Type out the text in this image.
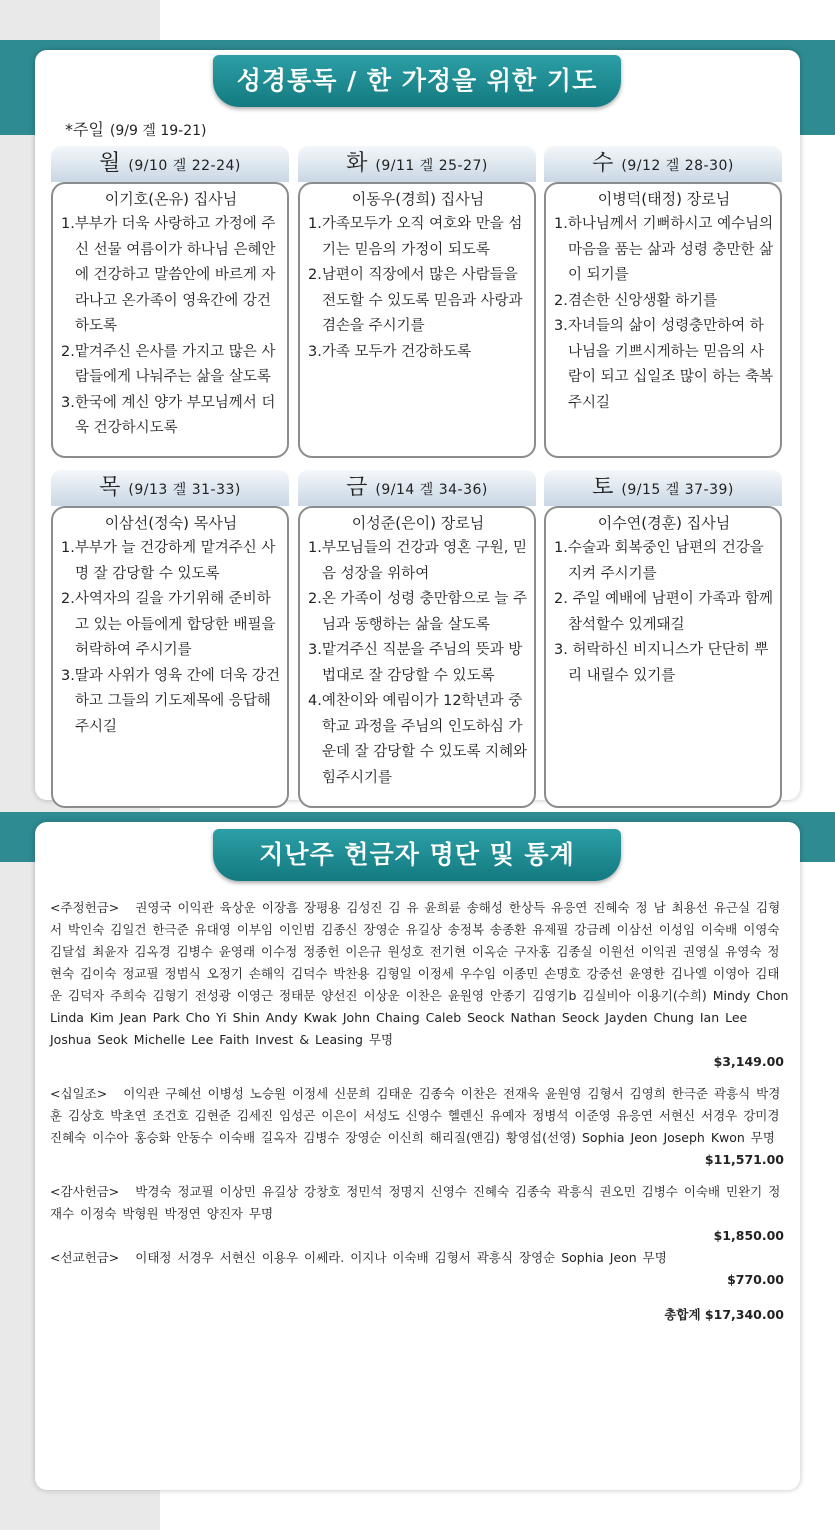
성경통독 / 한 가정을 위한 기도
*주일 (9/9 겔 19-21)
월 (9/10 겔 22-24)
이기호(온유) 집사님
1.부부가 더욱 사랑하고 가정에 주신 선물 여름이가 하나님 은혜안에 건강하고 말씀안에 바르게 자라나고 온가족이 영육간에 강건 하도록
2.맡겨주신 은사를 가지고 많은 사람들에게 나눠주는 삶을 살도록
3.한국에 계신 양가 부모님께서 더욱 건강하시도록
화 (9/11 겔 25-27)
이동우(경희) 집사님
1.가족모두가 오직 여호와 만을 섬기는 믿음의 가정이 되도록
2.남편이 직장에서 많은 사람들을 전도할 수 있도록 믿음과 사랑과 겸손을 주시기를
3.가족 모두가 건강하도록
수 (9/12 겔 28-30)
이병덕(태정) 장로님
1.하나님께서 기뻐하시고 예수님의 마음을 품는 삶과 성령 충만한 삶이 되기를
2.겸손한 신앙생활 하기를
3.자녀들의 삶이 성령충만하여 하나님을 기쁘시게하는 믿음의 사람이 되고 십일조 많이 하는 축복 주시길
목 (9/13 겔 31-33)
이삼선(정숙) 목사님
1.부부가 늘 건강하게 맡겨주신 사명 잘 감당할 수 있도록
2.사역자의 길을 가기위해 준비하고 있는 아들에게 합당한 배필을 허락하여 주시기를
3.딸과 사위가 영육 간에 더욱 강건하고 그들의 기도제목에 응답해 주시길
금 (9/14 겔 34-36)
이성준(은이) 장로님
1.부모님들의 건강과 영혼 구원, 믿음 성장을 위하여
2.온 가족이 성령 충만함으로 늘 주님과 동행하는 삶을 살도록
3.맡겨주신 직분을 주님의 뜻과 방법대로 잘 감당할 수 있도록
4.예찬이와 예림이가 12학년과 중학교 과정을 주님의 인도하심 가운데 잘 감당할 수 있도록 지혜와 힘주시기를
토 (9/15 겔 37-39)
이수연(경훈) 집사님
1.수술과 회복중인 남편의 건강을 지켜 주시기를
2. 주일 예배에 남편이 가족과 함께 참석할수 있게돼길
3. 허락하신 비지니스가 단단히 뿌리 내릴수 있기를
지난주 헌금자 명단 및 통계
<주정헌금> 권영국 이익관 육상운 이장흠 장평용 김성진 김 유 윤희륜 송해성 한상득 유응연 진혜숙 정 남 최용선 유근실 김형서 박인숙 김일건 한극준 유대영 이부임 이인범 김종신 장영순 유길상 송정복 송종환 유제필 강금례 이삼선 이성임 이숙배 이영숙 김달섭 최윤자 김옥경 김병수 윤영래 이수정 정종헌 이은규 원성호 전기현 이옥순 구자홍 김종실 이원선 이익권 권영실 유영숙 정현숙 김이숙 정교필 정범식 오정기 손해익 김덕수 박찬용 김형일 이정세 우수임 이종민 손명호 강중선 윤영한 김나엘 이영아 김태운 김덕자 주희숙 김형기 전성광 이영근 정태문 양선진 이상운 이찬은 윤원영 안종기 김영기b 김실비아 이용기(수희) Mindy Chon Linda Kim Jean Park Cho Yi Shin Andy Kwak John Chaing Caleb Seock Nathan Seock Jayden Chung Ian Lee Joshua Seok Michelle Lee Faith Invest & Leasing 무명
$3,149.00
<십일조> 이익관 구혜선 이병성 노승원 이정세 신문희 김태운 김종숙 이찬은 전재욱 윤원영 김형서 김영희 한극준 곽흥식 박경훈 김상호 박초연 조건호 김현준 김세진 임성곤 이은이 서성도 신영수 헬렌신 유예자 정병석 이준영 유응연 서현신 서경우 강미경 진혜숙 이수아 홍승화 안동수 이숙배 길옥자 김병수 장영순 이신희 해리질(앤김) 황영섭(선영) Sophia Jeon Joseph Kwon 무명
$11,571.00
<감사헌금> 박경숙 정교필 이상민 유길상 강창호 정민석 정명지 신영수 진혜숙 김종숙 곽흥식 권오민 김병수 이숙배 민완기 정재수 이정숙 박형원 박정연 양진자 무명
$1,850.00
<선교헌금> 이태정 서경우 서현신 이용우 이쎄라. 이지나 이숙배 김형서 곽흥식 장영순 Sophia Jeon 무명
$770.00
총합계 $17,340.00
